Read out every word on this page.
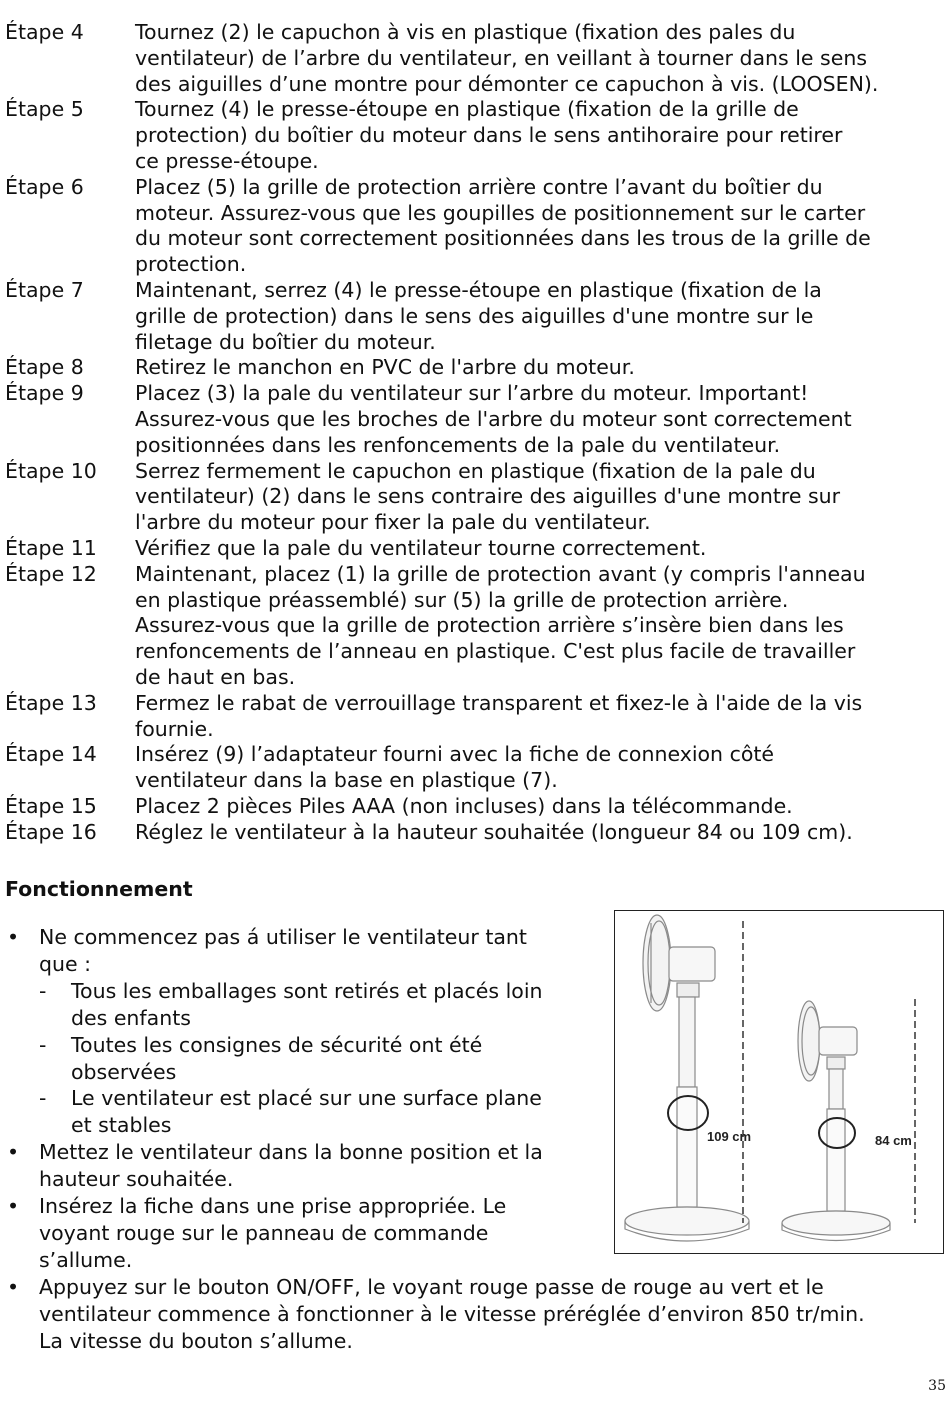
Étape 4	Tournez (2) le capuchon à vis en plastique (fixation des pales du
ventilateur) de l’arbre du ventilateur, en veillant à tourner dans le sens
des aiguilles d’une montre pour démonter ce capuchon à vis. (LOOSEN).
Étape 5	Tournez (4) le presse-étoupe en plastique (fixation de la grille de
protection) du boîtier du moteur dans le sens antihoraire pour retirer
ce presse-étoupe.
Étape 6	Placez (5) la grille de protection arrière contre l’avant du boîtier du
moteur. Assurez-vous que les goupilles de positionnement sur le carter
du moteur sont correctement positionnées dans les trous de la grille de
protection.
Étape 7	Maintenant, serrez (4) le presse-étoupe en plastique (fixation de la
grille de protection) dans le sens des aiguilles d'une montre sur le
filetage du boîtier du moteur.
Étape 8	Retirez le manchon en PVC de l'arbre du moteur.
Étape 9	Placez (3) la pale du ventilateur sur l’arbre du moteur. Important!
Assurez-vous que les broches de l'arbre du moteur sont correctement
positionnées dans les renfoncements de la pale du ventilateur.
Étape 10	Serrez fermement le capuchon en plastique (fixation de la pale du
ventilateur) (2) dans le sens contraire des aiguilles d'une montre sur
l'arbre du moteur pour fixer la pale du ventilateur.
Étape 11	Vérifiez que la pale du ventilateur tourne correctement.
Étape 12	Maintenant, placez (1) la grille de protection avant (y compris l'anneau
en plastique préassemblé) sur (5) la grille de protection arrière.
Assurez-vous que la grille de protection arrière s’insère bien dans les
renfoncements de l’anneau en plastique. C'est plus facile de travailler
de haut en bas.
Étape 13	Fermez le rabat de verrouillage transparent et fixez-le à l'aide de la vis
fournie.
Étape 14	Insérez (9) l’adaptateur fourni avec la fiche de connexion côté
ventilateur dans la base en plastique (7).
Étape 15	Placez 2 pièces Piles AAA (non incluses) dans la télécommande.
Étape 16	Réglez le ventilateur à la hauteur souhaitée (longueur 84 ou 109 cm).
Fonctionnement
• Ne commencez pas á utiliser le ventilateur tant
que :
-	Tous les emballages sont retirés et placés loin
des enfants
-	Toutes les consignes de sécurité ont été
observées
-	Le ventilateur est placé sur une surface plane
et stables
• Mettez le ventilateur dans la bonne position et la
hauteur souhaitée.
• Insérez la fiche dans une prise appropriée. Le
voyant rouge sur le panneau de commande
s’allume.
• Appuyez sur le bouton ON/OFF, le voyant rouge passe de rouge au vert et le
ventilateur commence à fonctionner à le vitesse préréglée d’environ 850 tr/min.
La vitesse du bouton s’allume.
109 cm	84 cm
35
